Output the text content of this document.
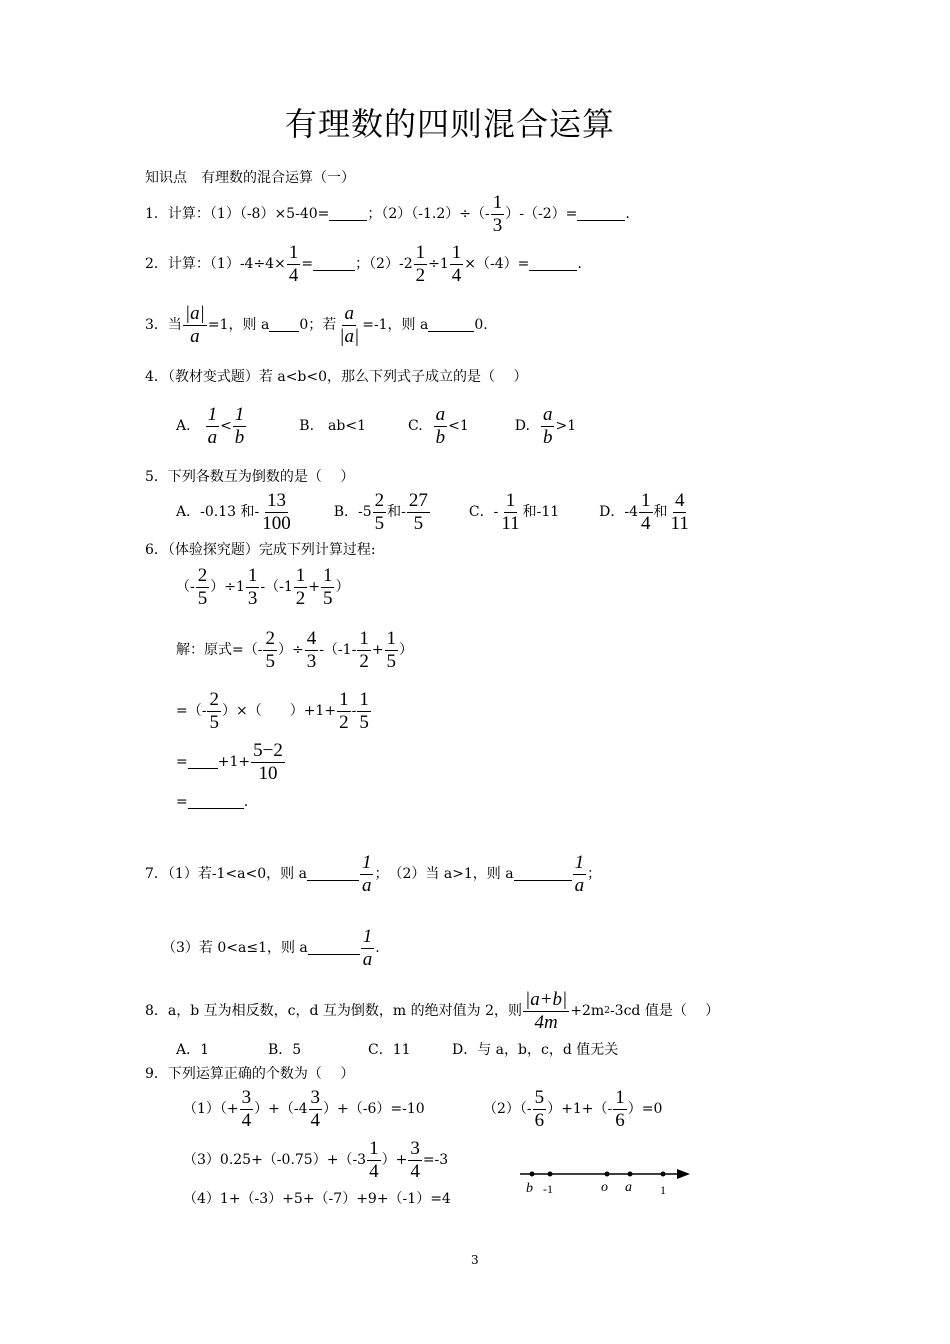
有理数的四则混合运算
知识点　有理数的混合运算（一）
1．计算：（1）（-8）×5-40=	；$(2)(-1.2)\div(- \frac{1}{3} )-(-2)=$	.
2．计算：$(1)-4\div 4\times \frac{1}{4}$ =	；$(2)-2 \frac{1}{2} \div 1 \frac{1}{4} \times(-4)=$	.
3．当 $\frac{|a|}{a} =1$，则 a 0；若 $\frac{a}{|a|} =-1$，则 a	0.
4．（教材变式题）若 a<b<0，那么下列式子成立的是（　 ）
A. $\frac{1}{a} < \frac{1}{b}$	B.　ab<1	C. $\frac{a}{b} <1$	D. $\frac{a}{b} >1$
5．下列各数互为倒数的是（　 ）
A．-0.13 和- $\frac{13}{100}$	B．$-5 \frac{2}{5}$ 和- $\frac{27}{5}$	C．- $\frac{1}{11}$ 和-11	D．$-4 \frac{1}{4}$ 和 $\frac{4}{11}$
6．（体验探究题）完成下列计算过程:
（- $\frac{2}{5} )\div 1 \frac{1}{3} -(-1 \frac{1}{2} + \frac{1}{5}$ ）
解：原式=（- $\frac{2}{5}$ ）÷ $\frac{4}{3} -(-1- \frac{1}{2} + \frac{1}{5}$ ）
=（- $\frac{2}{5}$ ）×（　　）$+1+ \frac{1}{2} - \frac{1}{5}$
= $+1+ \frac{5-2}{10}$
=	.
7．（1）若-1<a<0，则 a	$\frac{1}{a}$ ；　（2）当 a>1，则 a	$\frac{1}{a}$ ；
（3）若 0<a≤1，则 a	$\frac{1}{a}$ .
8．a，b 互为相反数，c，d 互为倒数，m 的绝对值为 2，则 $\frac{|a+b|}{4m} +2m$ 2 -3cd 值是（　 ）
A．1	B．5	C．11	D．与 a，b，c，d 值无关
9．下列运算正确的个数为（　 ）
$(1)(+ \frac{3}{4} )+(-4 \frac{3}{4} )+(-6)=-10$	$(2)(- \frac{5}{6} )+1+(- \frac{1}{6} )=0$
$(3)0.25+(-0.75)+(-3 \frac{1}{4}$ ）+ $\frac{3}{4} =-3$
（4）1+（-3）+5+（-7）+9+（-1）=4
b -1	o a 1
3
